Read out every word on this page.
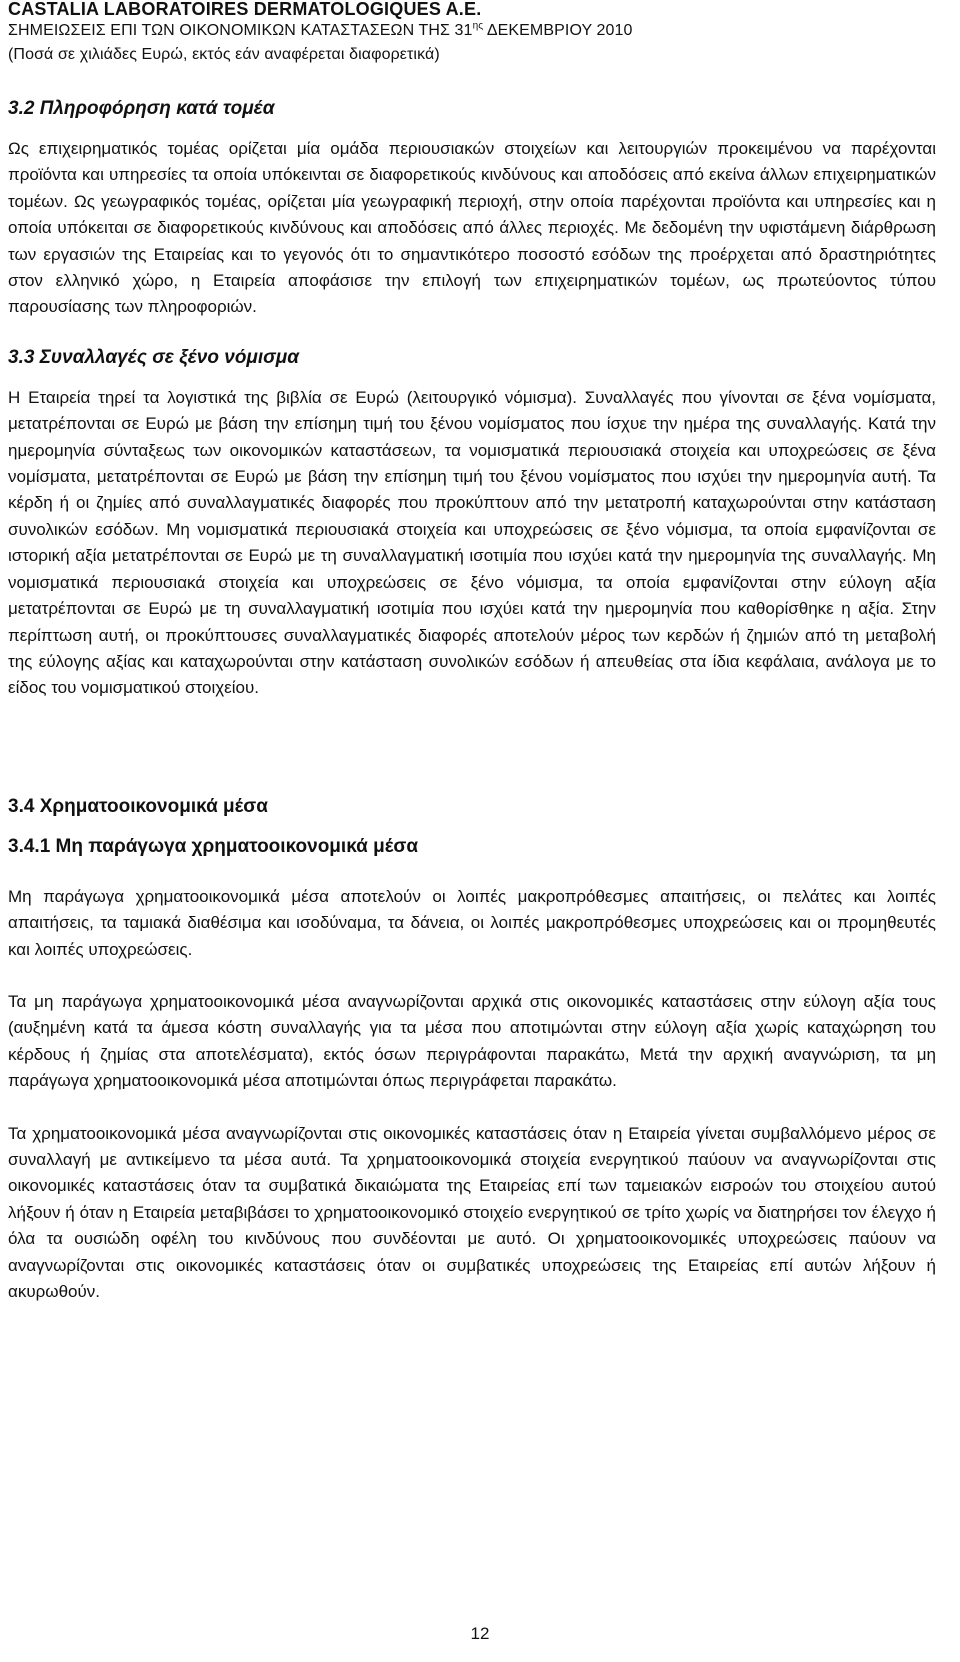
CASTALIA LABORATOIRES DERMATOLOGIQUES A.E.
ΣΗΜΕΙΩΣΕΙΣ ΕΠΙ ΤΩΝ ΟΙΚΟΝΟΜΙΚΩΝ ΚΑΤΑΣΤΑΣΕΩΝ ΤΗΣ $31^{\eta\varsigma}$ ΔΕΚΕΜΒΡΙΟΥ 2010
(Ποσά σε χιλιάδες Ευρώ, εκτός εάν αναφέρεται διαφορετικά)
3.2 Πληροφόρηση κατά τομέα

Ως επιχειρηματικός τομέας ορίζεται μία ομάδα περιουσιακών στοιχείων και λειτουργιών προκειμένου να παρέχονται προϊόντα και υπηρεσίες τα οποία υπόκεινται σε διαφορετικούς κινδύνους και αποδόσεις από εκείνα άλλων επιχειρηματικών τομέων. Ως γεωγραφικός τομέας, ορίζεται μία γεωγραφική περιοχή, στην οποία παρέχονται προϊόντα και υπηρεσίες και η οποία υπόκειται σε διαφορετικούς κινδύνους και αποδόσεις από άλλες περιοχές. Με δεδομένη την υφιστάμενη διάρθρωση των εργασιών της Εταιρείας και το γεγονός ότι το σημαντικότερο ποσοστό εσόδων της προέρχεται από δραστηριότητες στον ελληνικό χώρο, η Εταιρεία αποφάσισε την επιλογή των επιχειρηματικών τομέων, ως πρωτεύοντος τύπου παρουσίασης των πληροφοριών.

3.3 Συναλλαγές σε ξένο νόμισμα

Η Εταιρεία τηρεί τα λογιστικά της βιβλία σε Ευρώ (λειτουργικό νόμισμα). Συναλλαγές που γίνονται σε ξένα νομίσματα, μετατρέπονται σε Ευρώ με βάση την επίσημη τιμή του ξένου νομίσματος που ίσχυε την ημέρα της συναλλαγής. Κατά την ημερομηνία σύνταξεως των οικονομικών καταστάσεων, τα νομισματικά περιουσιακά στοιχεία και υποχρεώσεις σε ξένα νομίσματα, μετατρέπονται σε Ευρώ με βάση την επίσημη τιμή του ξένου νομίσματος που ισχύει την ημερομηνία αυτή. Τα κέρδη ή οι ζημίες από συναλλαγματικές διαφορές που προκύπτουν από την μετατροπή καταχωρούνται στην κατάσταση συνολικών εσόδων. Μη νομισματικά περιουσιακά στοιχεία και υποχρεώσεις σε ξένο νόμισμα, τα οποία εμφανίζονται σε ιστορική αξία μετατρέπονται σε Ευρώ με τη συναλλαγματική ισοτιμία που ισχύει κατά την ημερομηνία της συναλλαγής. Μη νομισματικά περιουσιακά στοιχεία και υποχρεώσεις σε ξένο νόμισμα, τα οποία εμφανίζονται στην εύλογη αξία μετατρέπονται σε Ευρώ με τη συναλλαγματική ισοτιμία που ισχύει κατά την ημερομηνία που καθορίσθηκε η αξία. Στην περίπτωση αυτή, οι προκύπτουσες συναλλαγματικές διαφορές αποτελούν μέρος των κερδών ή ζημιών από τη μεταβολή της εύλογης αξίας και καταχωρούνται στην κατάσταση συνολικών εσόδων ή απευθείας στα ίδια κεφάλαια, ανάλογα με το είδος του νομισματικού στοιχείου.

3.4 Χρηματοοικονομικά μέσα
3.4.1 Μη παράγωγα χρηματοοικονομικά μέσα

Μη παράγωγα χρηματοοικονομικά μέσα αποτελούν οι λοιπές μακροπρόθεσμες απαιτήσεις, οι πελάτες και λοιπές απαιτήσεις, τα ταμιακά διαθέσιμα και ισοδύναμα, τα δάνεια, οι λοιπές μακροπρόθεσμες υποχρεώσεις και οι προμηθευτές και λοιπές υποχρεώσεις.

Τα μη παράγωγα χρηματοοικονομικά μέσα αναγνωρίζονται αρχικά στις οικονομικές καταστάσεις στην εύλογη αξία τους (αυξημένη κατά τα άμεσα κόστη συναλλαγής για τα μέσα που αποτιμώνται στην εύλογη αξία χωρίς καταχώρηση του κέρδους ή ζημίας στα αποτελέσματα), εκτός όσων περιγράφονται παρακάτω, Μετά την αρχική αναγνώριση, τα μη παράγωγα χρηματοοικονομικά μέσα αποτιμώνται όπως περιγράφεται παρακάτω.

Τα χρηματοοικονομικά μέσα αναγνωρίζονται στις οικονομικές καταστάσεις όταν η Εταιρεία γίνεται συμβαλλόμενο μέρος σε συναλλαγή με αντικείμενο τα μέσα αυτά. Τα χρηματοοικονομικά στοιχεία ενεργητικού παύουν να αναγνωρίζονται στις οικονομικές καταστάσεις όταν τα συμβατικά δικαιώματα της Εταιρείας επί των ταμειακών εισροών του στοιχείου αυτού λήξουν ή όταν η Εταιρεία μεταβιβάσει το χρηματοοικονομικό στοιχείο ενεργητικού σε τρίτο χωρίς να διατηρήσει τον έλεγχο ή όλα τα ουσιώδη οφέλη του κινδύνους που συνδέονται με αυτό. Οι χρηματοοικονομικές υποχρεώσεις παύουν να αναγνωρίζονται στις οικονομικές καταστάσεις όταν οι συμβατικές υποχρεώσεις της Εταιρείας επί αυτών λήξουν ή ακυρωθούν.

12
